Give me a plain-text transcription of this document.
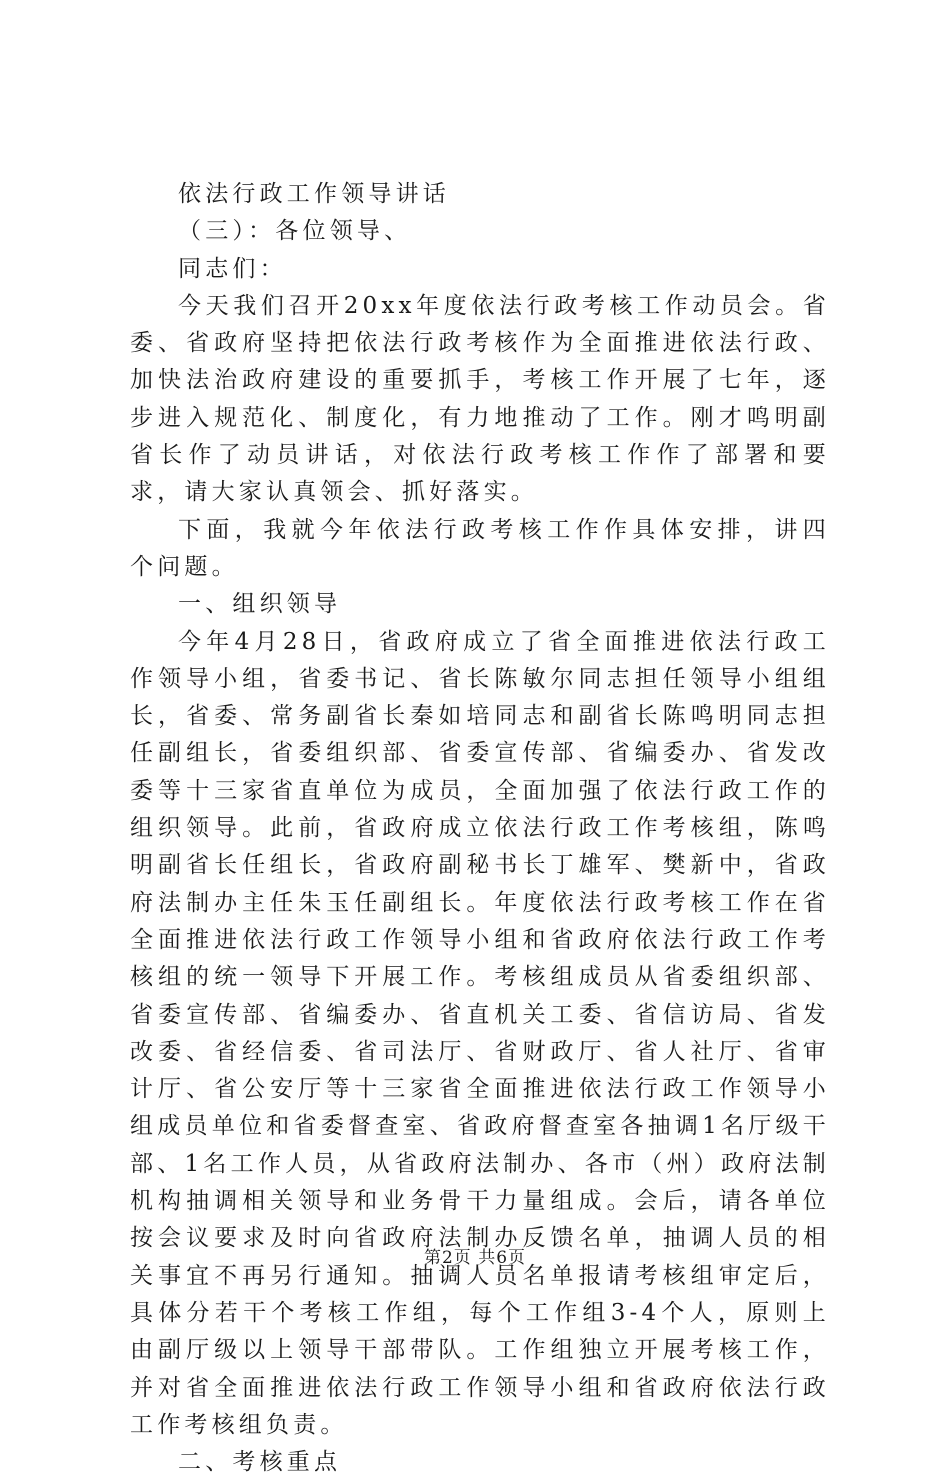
依法行政工作领导讲话

（三）：各位领导、

同志们：

今天我们召开20xx年度依法行政考核工作动员会。省委、省政府坚持把依法行政考核作为全面推进依法行政、加快法治政府建设的重要抓手，考核工作开展了七年，逐步进入规范化、制度化，有力地推动了工作。刚才鸣明副省长作了动员讲话，对依法行政考核工作作了部署和要求，请大家认真领会、抓好落实。

下面，我就今年依法行政考核工作作具体安排，讲四个问题。

一、组织领导

今年4月28日，省政府成立了省全面推进依法行政工作领导小组，省委书记、省长陈敏尔同志担任领导小组组长，省委、常务副省长秦如培同志和副省长陈鸣明同志担任副组长，省委组织部、省委宣传部、省编委办、省发改委等十三家省直单位为成员，全面加强了依法行政工作的组织领导。此前，省政府成立依法行政工作考核组，陈鸣明副省长任组长，省政府副秘书长丁雄军、樊新中，省政府法制办主任朱玉任副组长。年度依法行政考核工作在省全面推进依法行政工作领导小组和省政府依法行政工作考核组的统一领导下开展工作。考核组成员从省委组织部、省委宣传部、省编委办、省直机关工委、省信访局、省发改委、省经信委、省司法厅、省财政厅、省人社厅、省审计厅、省公安厅等十三家省全面推进依法行政工作领导小组成员单位和省委督查室、省政府督查室各抽调1名厅级干部、1名工作人员，从省政府法制办、各市（州）政府法制机构抽调相关领导和业务骨干力量组成。会后，请各单位按会议要求及时向省政府法制办反馈名单，抽调人员的相关事宜不再另行通知。抽调人员名单报请考核组审定后，具体分若干个考核工作组，每个工作组3-4个人，原则上由副厅级以上领导干部带队。工作组独立开展考核工作，并对省全面推进依法行政工作领导小组和省政府依法行政工作考核组负责。

二、考核重点

第2页 共6页
